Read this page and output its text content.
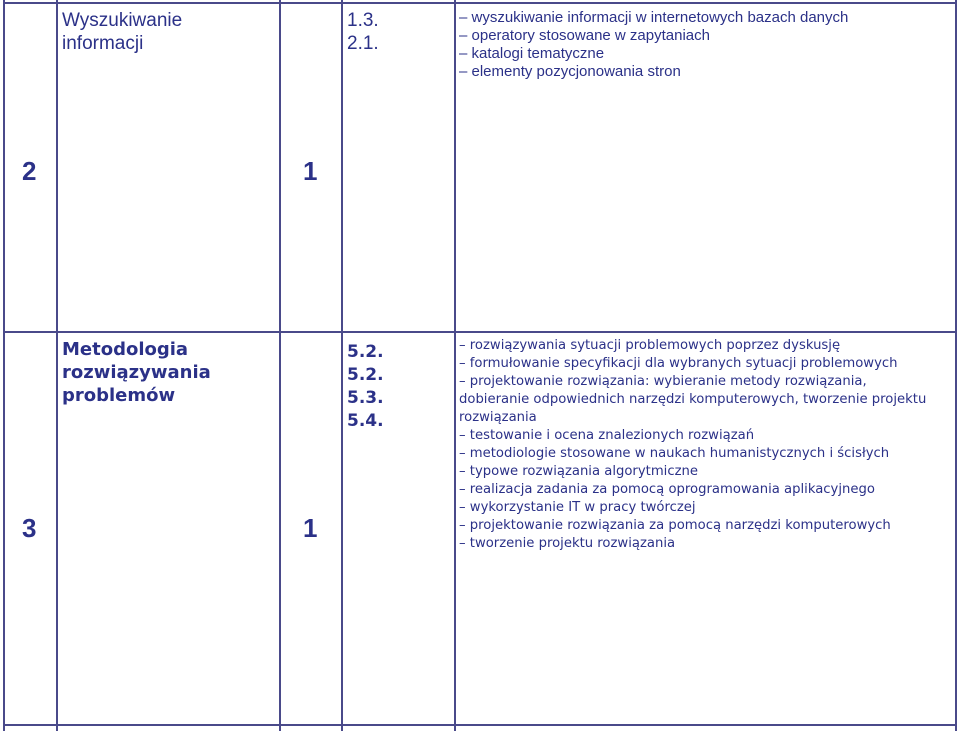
Wyszukiwanie
informacji
1.3.
2.1.
– wyszukiwanie informacji w internetowych bazach danych
– operatory stosowane w zapytaniach
– katalogi tematyczne
– elementy pozycjonowania stron
2	1
Metodologia
rozwiązywania
problemów
5.2.
5.2.
5.3.
5.4.
– rozwiązywania sytuacji problemowych poprzez dyskusję
– formułowanie specyfikacji dla wybranych sytuacji problemowych
– projektowanie rozwiązania: wybieranie metody rozwiązania, dobieranie odpowiednich narzędzi komputerowych, tworzenie projektu rozwiązania
– testowanie i ocena znalezionych rozwiązań
– metodiologie stosowane w naukach humanistycznych i ścisłych
– typowe rozwiązania algorytmiczne
– realizacja zadania za pomocą oprogramowania aplikacyjnego
– wykorzystanie IT w pracy twórczej
– projektowanie rozwiązania za pomocą narzędzi komputerowych
– tworzenie projektu rozwiązania
3	1
